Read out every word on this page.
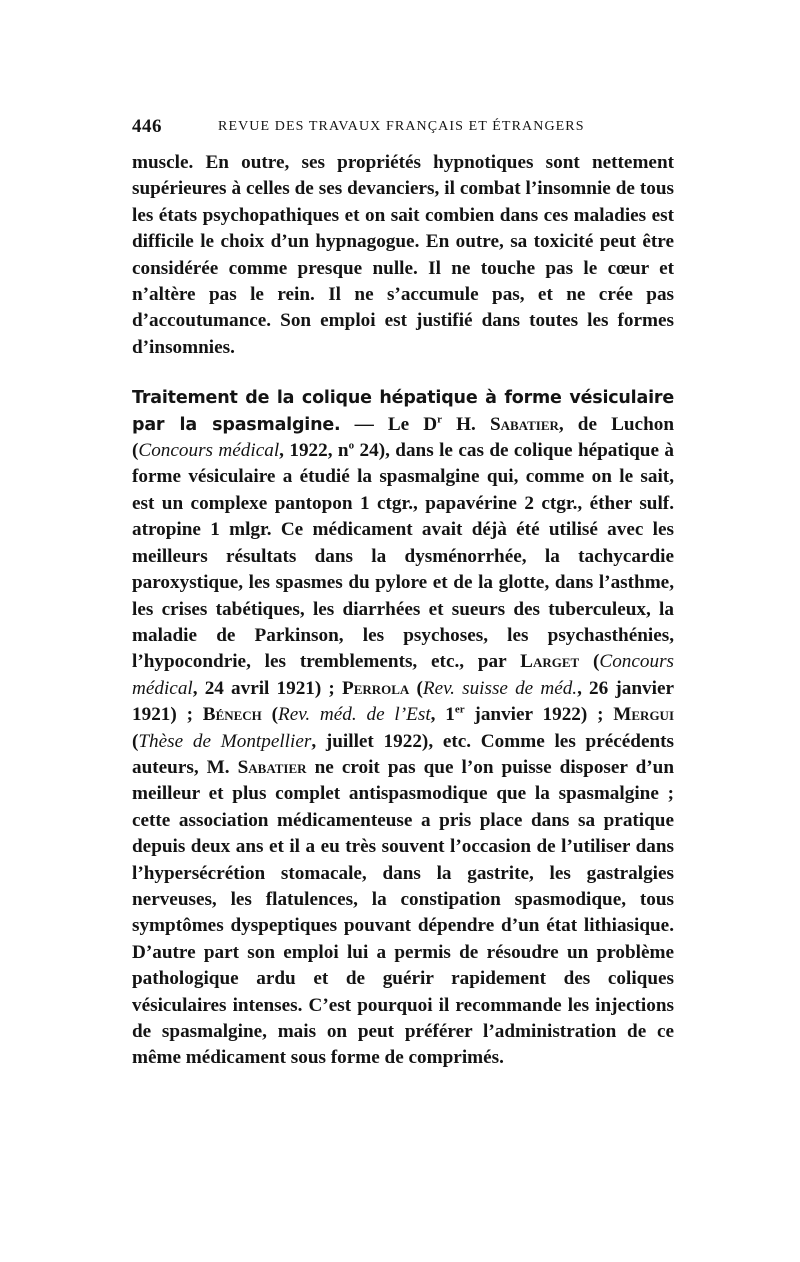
446	REVUE DES TRAVAUX FRANÇAIS ET ÉTRANGERS

muscle. En outre, ses propriétés hypnotiques sont nettement supérieures à celles de ses devanciers, il combat l’insomnie de tous les états psychopathiques et on sait combien dans ces maladies est difficile le choix d’un hypnagogue. En outre, sa toxicité peut être considérée comme presque nulle. Il ne touche pas le cœur et n’altère pas le rein. Il ne s’accumule pas, et ne crée pas d’accoutumance. Son emploi est justifié dans toutes les formes d’insomnies.

Traitement de la colique hépatique à forme vésiculaire par la spasmalgine. — Le $D^r$ H. Sabatier, de Luchon (Concours médical, 1922, $n^o$ 24), dans le cas de colique hépatique à forme vésiculaire a étudié la spasmalgine qui, comme on le sait, est un complexe pantopon 1 ctgr., papavérine 2 ctgr., éther sulf. atropine 1 mlgr. Ce médicament avait déjà été utilisé avec les meilleurs résultats dans la dysménorrhée, la tachycardie paroxystique, les spasmes du pylore et de la glotte, dans l’asthme, les crises tabétiques, les diarrhées et sueurs des tuberculeux, la maladie de Parkinson, les psychoses, les psychasthénies, l’hypocondrie, les tremblements, etc., par Larget (Concours médical, 24 avril 1921) ; Perrola (Rev. suisse de méd., 26 janvier 1921) ; Bénech (Rev. méd. de l’Est, 1er janvier 1922) ; Mergui (Thèse de Montpellier, juillet 1922), etc. Comme les précédents auteurs, M. Sabatier ne croit pas que l’on puisse disposer d’un meilleur et plus complet antispasmodique que la spasmalgine ; cette association médicamenteuse a pris place dans sa pratique depuis deux ans et il a eu très souvent l’occasion de l’utiliser dans l’hypersécrétion stomacale, dans la gastrite, les gastralgies nerveuses, les flatulences, la constipation spasmodique, tous symptômes dyspeptiques pouvant dépendre d’un état lithiasique. D’autre part son emploi lui a permis de résoudre un problème pathologique ardu et de guérir rapidement des coliques vésiculaires intenses. C’est pourquoi il recommande les injections de spasmalgine, mais on peut préférer l’administration de ce même médicament sous forme de comprimés.
